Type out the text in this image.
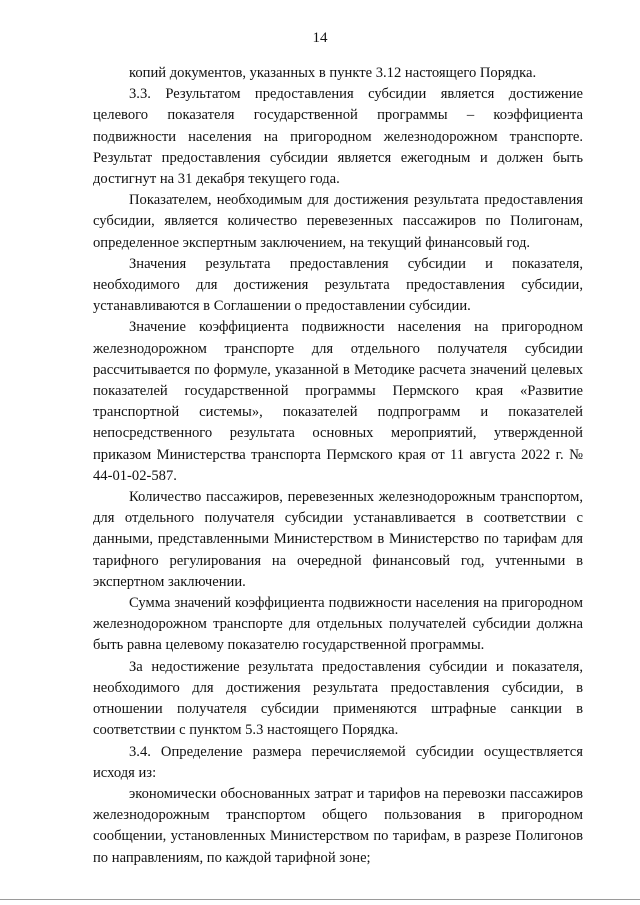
14

копий документов, указанных в пункте 3.12 настоящего Порядка.

3.3. Результатом предоставления субсидии является достижение целевого показателя государственной программы – коэффициента подвижности населения на пригородном железнодорожном транспорте. Результат предоставления субсидии является ежегодным и должен быть достигнут на 31 декабря текущего года.

Показателем, необходимым для достижения результата предоставления субсидии, является количество перевезенных пассажиров по Полигонам, определенное экспертным заключением, на текущий финансовый год.

Значения результата предоставления субсидии и показателя, необходимого для достижения результата предоставления субсидии, устанавливаются в Соглашении о предоставлении субсидии.

Значение коэффициента подвижности населения на пригородном железнодорожном транспорте для отдельного получателя субсидии рассчитывается по формуле, указанной в Методике расчета значений целевых показателей государственной программы Пермского края «Развитие транспортной системы», показателей подпрограмм и показателей непосредственного результата основных мероприятий, утвержденной приказом Министерства транспорта Пермского края от 11 августа 2022 г. № 44-01-02-587.

Количество пассажиров, перевезенных железнодорожным транспортом, для отдельного получателя субсидии устанавливается в соответствии с данными, представленными Министерством в Министерство по тарифам для тарифного регулирования на очередной финансовый год, учтенными в экспертном заключении.

Сумма значений коэффициента подвижности населения на пригородном железнодорожном транспорте для отдельных получателей субсидии должна быть равна целевому показателю государственной программы.

За недостижение результата предоставления субсидии и показателя, необходимого для достижения результата предоставления субсидии, в отношении получателя субсидии применяются штрафные санкции в соответствии с пунктом 5.3 настоящего Порядка.

3.4. Определение размера перечисляемой субсидии осуществляется исходя из:

экономически обоснованных затрат и тарифов на перевозки пассажиров железнодорожным транспортом общего пользования в пригородном сообщении, установленных Министерством по тарифам, в разрезе Полигонов по направлениям, по каждой тарифной зоне;
